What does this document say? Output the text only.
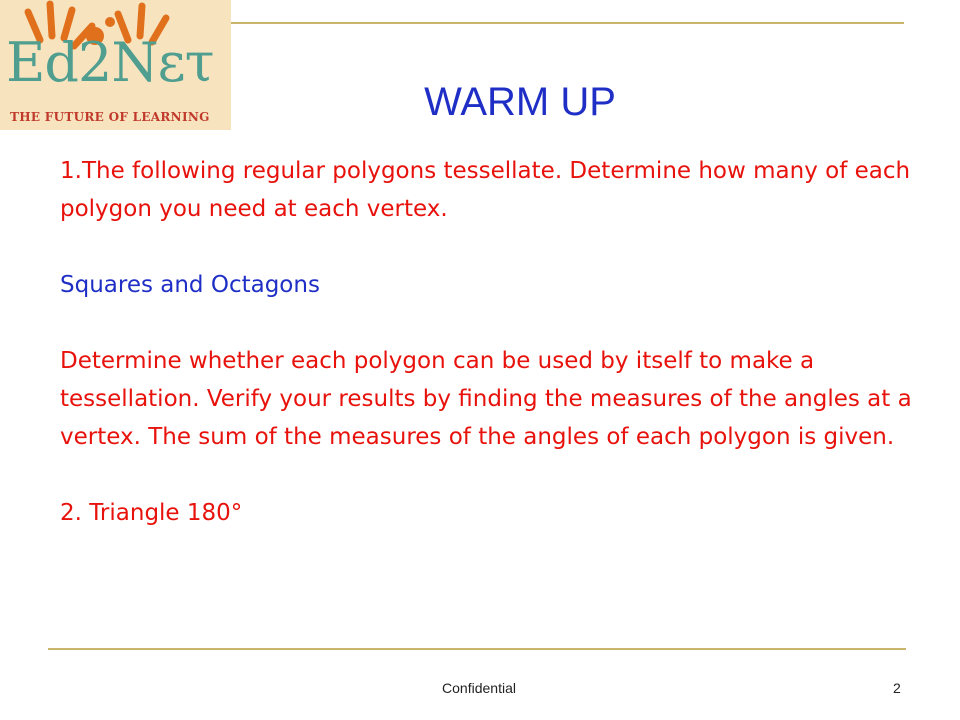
Ed2Nετ
THE FUTURE OF LEARNING	WARM UP

1.The following regular polygons tessellate. Determine how many of each polygon you need at each vertex.

Squares and Octagons

Determine whether each polygon can be used by itself to make a tessellation. Verify your results by finding the measures of the angles at a vertex. The sum of the measures of the angles of each polygon is given.

2. Triangle 180°

Confidential	2
